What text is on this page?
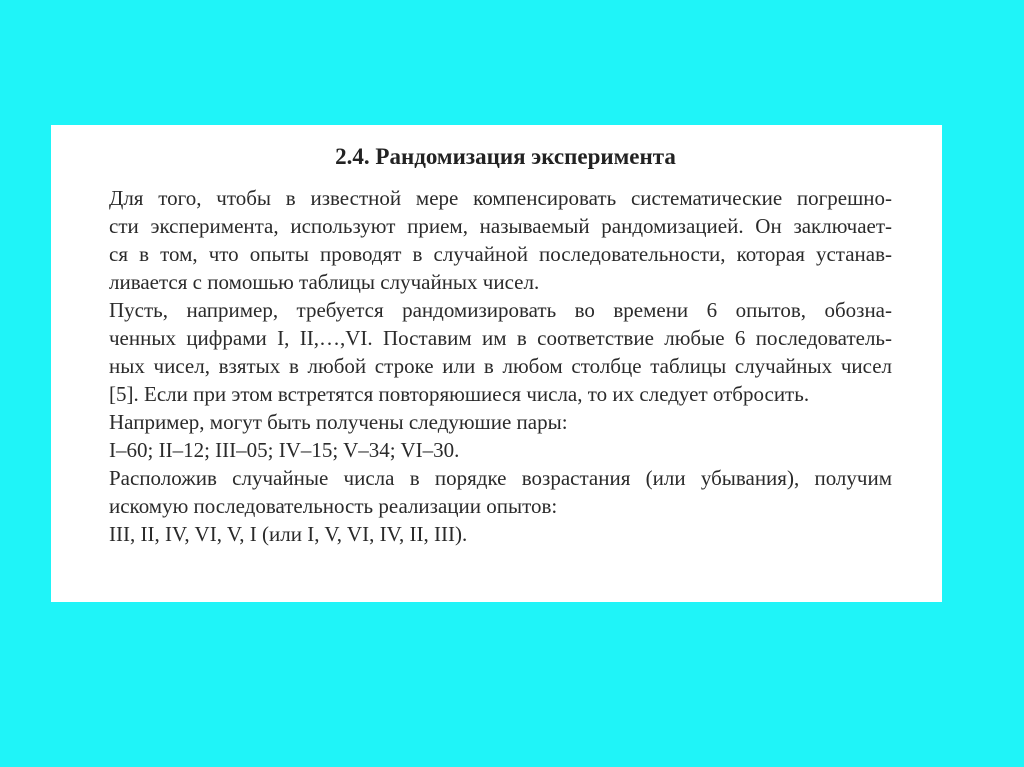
2.4. Рандомизация эксперимента
Для того, чтобы в известной мере компенсировать систематические погрешно-
сти эксперимента, используют прием, называемый рандомизацией. Он заключает-
ся в том, что опыты проводят в случайной последовательности, которая устанав-
ливается с помошью таблицы случайных чисел.
Пусть, например, требуется рандомизировать во времени 6 опытов, обозна-
ченных цифрами I, II,…,VI. Поставим им в соответствие любые 6 последователь-
ных чисел, взятых в любой строке или в любом столбце таблицы случайных чисел
[5]. Если при этом встретятся повторяюшиеся числа, то их следует отбросить.
Например, могут быть получены следуюшие пары:
I–60; II–12; III–05; IV–15; V–34; VI–30.
Расположив случайные числа в порядке возрастания (или убывания), получим
искомую последовательность реализации опытов:
III, II, IV, VI, V, I (или I, V, VI, IV, II, III).
